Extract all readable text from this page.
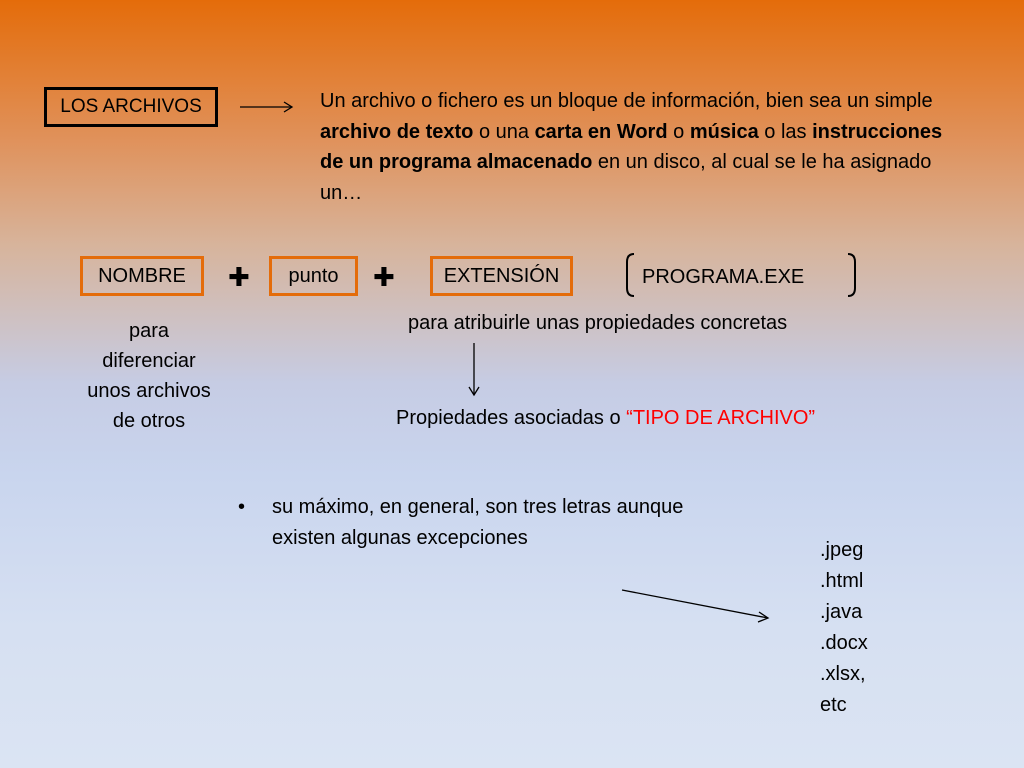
LOS ARCHIVOS	Un archivo o fichero es un bloque de información, bien sea un simple archivo de texto o una carta en Word o música o las instrucciones de un programa almacenado en un disco, al cual se le ha asignado un…
NOMBRE	✚	punto	✚	EXTENSIÓN	PROGRAMA.EXE
para
diferenciar
unos archivos
de otros
para atribuirle unas propiedades concretas
Propiedades asociadas o “TIPO DE ARCHIVO”
• su máximo, en general, son tres letras aunque
existen algunas excepciones
.jpeg
.html
.java
.docx
.xlsx,
etc
